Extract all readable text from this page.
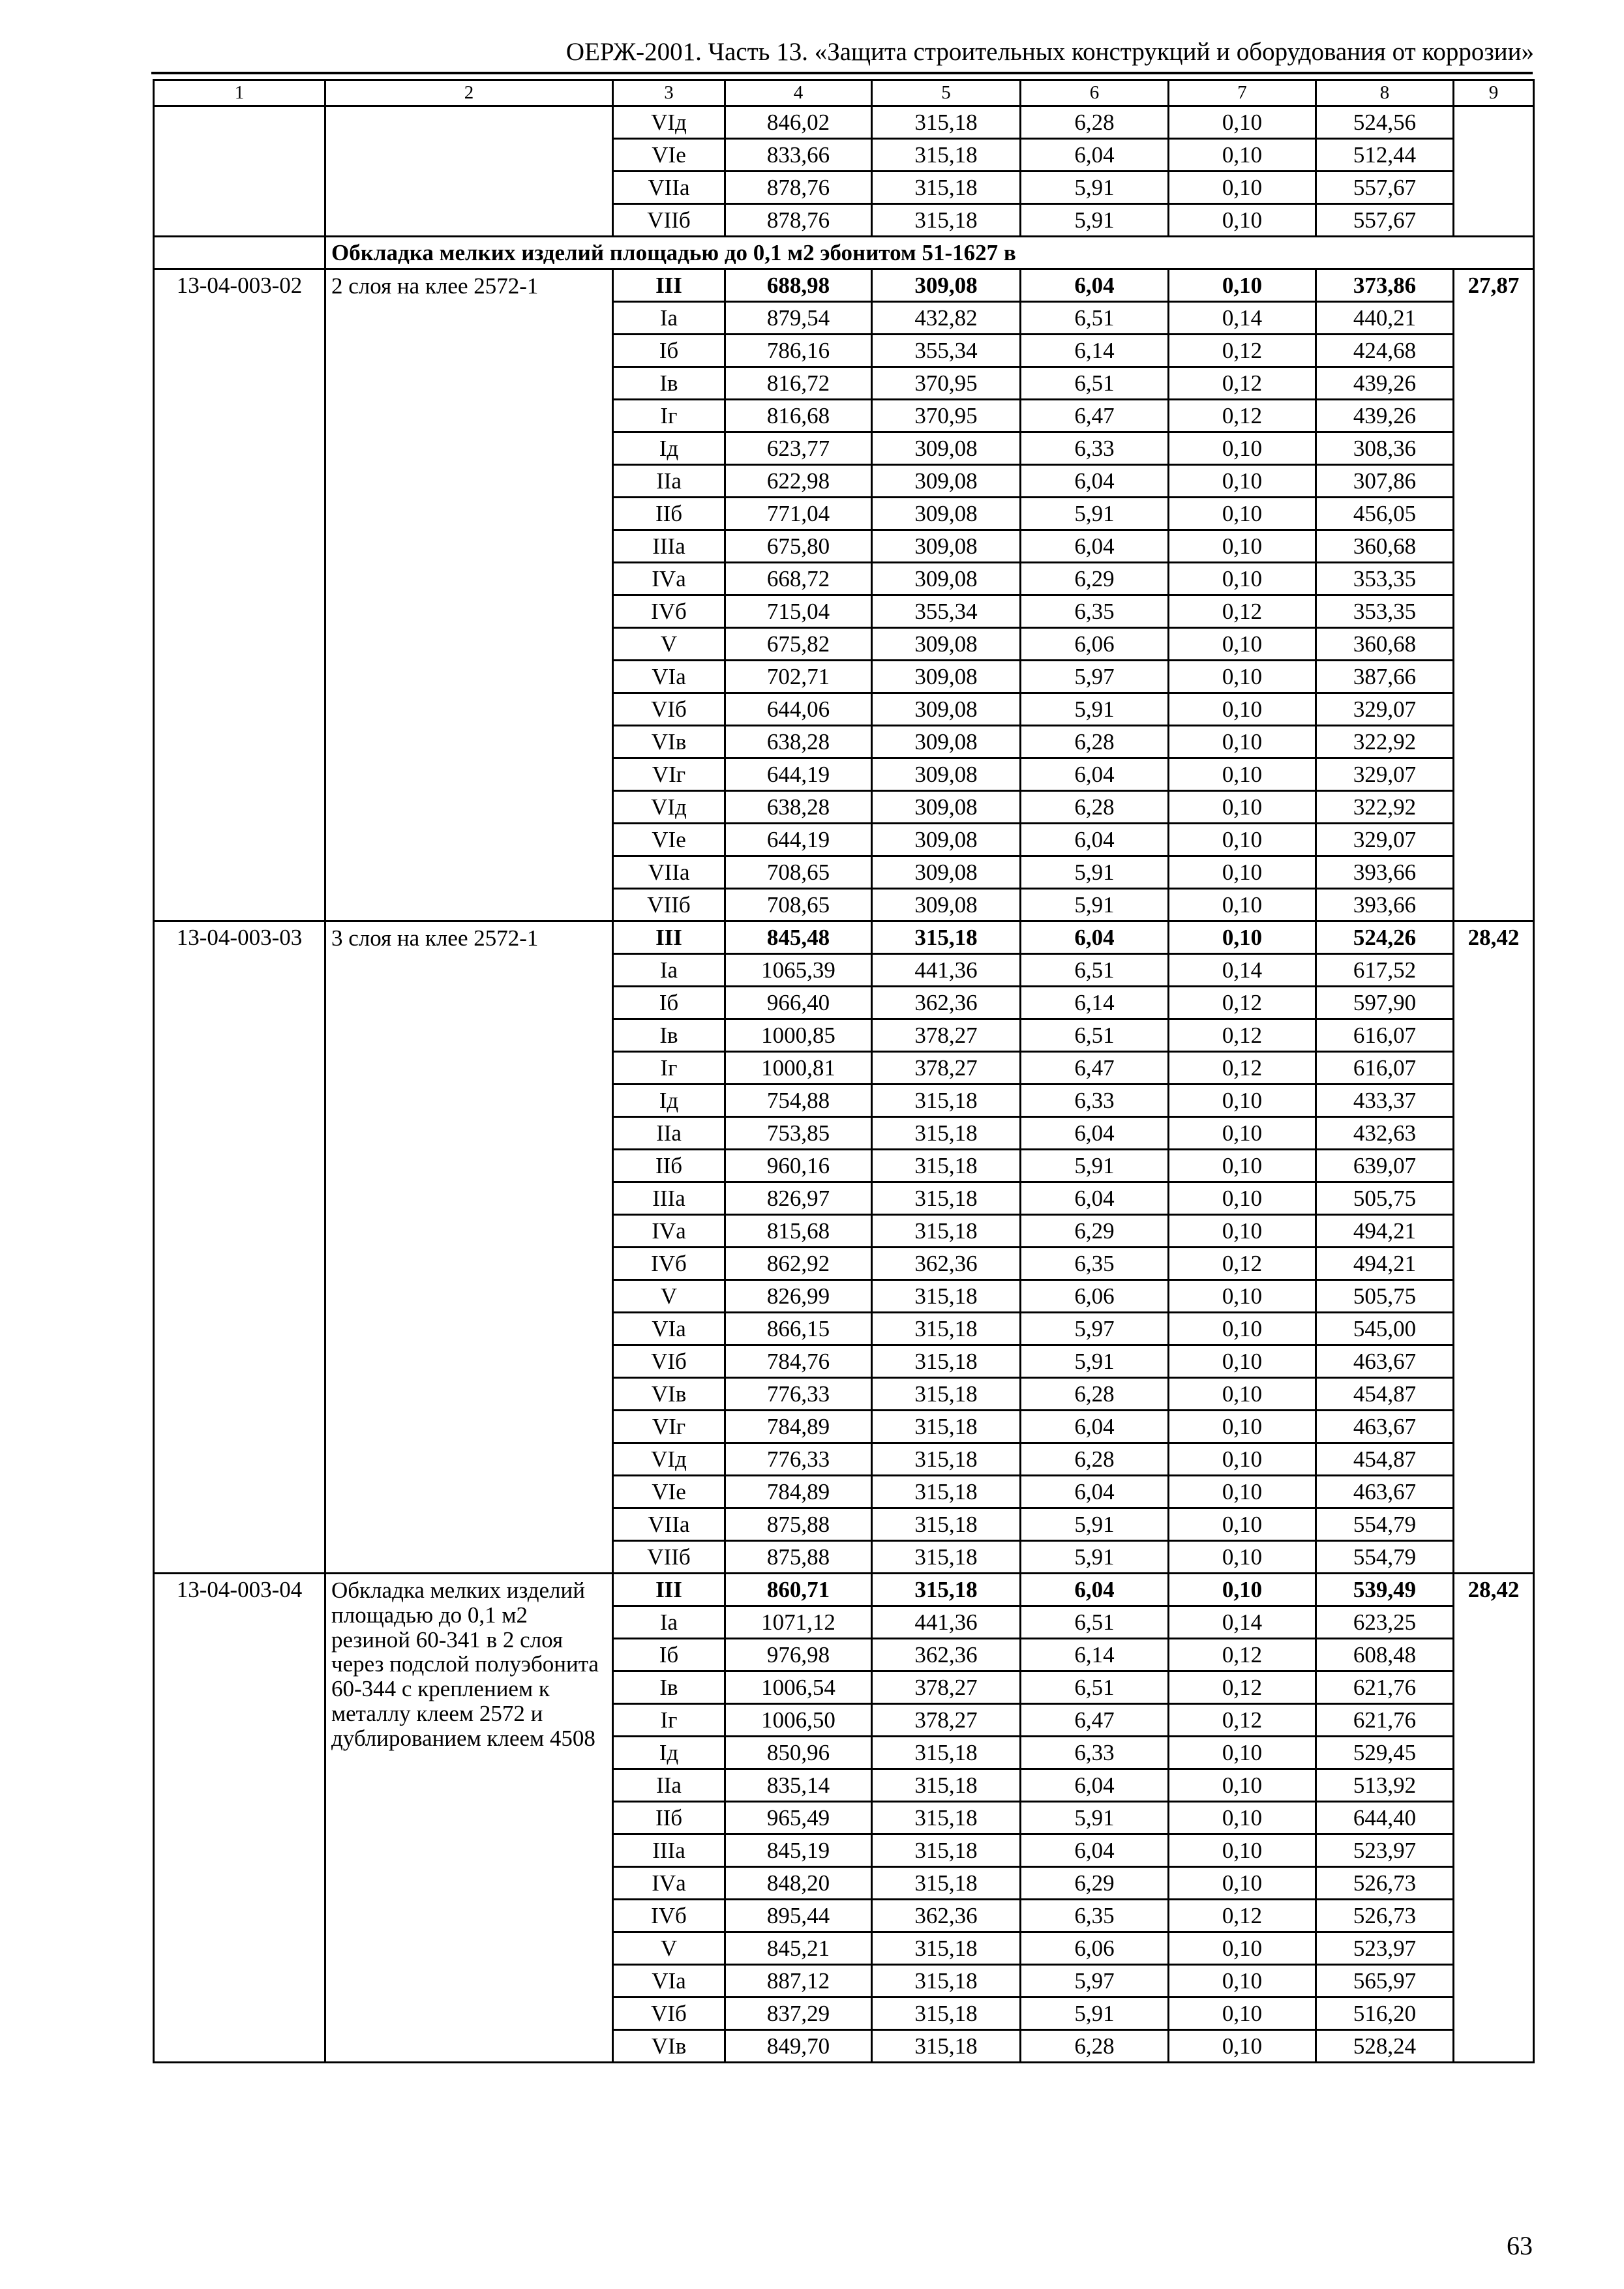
ОЕРЖ-2001. Часть 13. «Защита строительных конструкций и оборудования от коррозии»
1	2	3	4	5	6	7	8	9
		VIд	846,02	315,18	6,28	0,10	524,56	
		VIе	833,66	315,18	6,04	0,10	512,44	
		VIIа	878,76	315,18	5,91	0,10	557,67	
		VIIб	878,76	315,18	5,91	0,10	557,67	
	Обкладка мелких изделий площадью до 0,1 м2 эбонитом 51-1627 в							
13-04-003-02	2 слоя на клее 2572-1	III	688,98	309,08	6,04	0,10	373,86	27,87
		Iа	879,54	432,82	6,51	0,14	440,21	
		Iб	786,16	355,34	6,14	0,12	424,68	
		Iв	816,72	370,95	6,51	0,12	439,26	
		Iг	816,68	370,95	6,47	0,12	439,26	
		Iд	623,77	309,08	6,33	0,10	308,36	
		IIа	622,98	309,08	6,04	0,10	307,86	
		IIб	771,04	309,08	5,91	0,10	456,05	
		IIIа	675,80	309,08	6,04	0,10	360,68	
		IVа	668,72	309,08	6,29	0,10	353,35	
		IVб	715,04	355,34	6,35	0,12	353,35	
		V	675,82	309,08	6,06	0,10	360,68	
		VIа	702,71	309,08	5,97	0,10	387,66	
		VIб	644,06	309,08	5,91	0,10	329,07	
		VIв	638,28	309,08	6,28	0,10	322,92	
		VIг	644,19	309,08	6,04	0,10	329,07	
		VIд	638,28	309,08	6,28	0,10	322,92	
		VIе	644,19	309,08	6,04	0,10	329,07	
		VIIа	708,65	309,08	5,91	0,10	393,66	
		VIIб	708,65	309,08	5,91	0,10	393,66	
13-04-003-03	3 слоя на клее 2572-1	III	845,48	315,18	6,04	0,10	524,26	28,42
		Iа	1065,39	441,36	6,51	0,14	617,52	
		Iб	966,40	362,36	6,14	0,12	597,90	
		Iв	1000,85	378,27	6,51	0,12	616,07	
		Iг	1000,81	378,27	6,47	0,12	616,07	
		Iд	754,88	315,18	6,33	0,10	433,37	
		IIа	753,85	315,18	6,04	0,10	432,63	
		IIб	960,16	315,18	5,91	0,10	639,07	
		IIIа	826,97	315,18	6,04	0,10	505,75	
		IVа	815,68	315,18	6,29	0,10	494,21	
		IVб	862,92	362,36	6,35	0,12	494,21	
		V	826,99	315,18	6,06	0,10	505,75	
		VIа	866,15	315,18	5,97	0,10	545,00	
		VIб	784,76	315,18	5,91	0,10	463,67	
		VIв	776,33	315,18	6,28	0,10	454,87	
		VIг	784,89	315,18	6,04	0,10	463,67	
		VIд	776,33	315,18	6,28	0,10	454,87	
		VIе	784,89	315,18	6,04	0,10	463,67	
		VIIа	875,88	315,18	5,91	0,10	554,79	
		VIIб	875,88	315,18	5,91	0,10	554,79	
13-04-003-04	Обкладка мелких изделий площадью до 0,1 м2 резиной 60-341 в 2 слоя через подслой полуэбонита 60-344 с креплением к металлу клеем 2572 и дублированием клеем 4508	III	860,71	315,18	6,04	0,10	539,49	28,42
		Iа	1071,12	441,36	6,51	0,14	623,25	
		Iб	976,98	362,36	6,14	0,12	608,48	
		Iв	1006,54	378,27	6,51	0,12	621,76	
		Iг	1006,50	378,27	6,47	0,12	621,76	
		Iд	850,96	315,18	6,33	0,10	529,45	
		IIа	835,14	315,18	6,04	0,10	513,92	
		IIб	965,49	315,18	5,91	0,10	644,40	
		IIIа	845,19	315,18	6,04	0,10	523,97	
		IVа	848,20	315,18	6,29	0,10	526,73	
		IVб	895,44	362,36	6,35	0,12	526,73	
		V	845,21	315,18	6,06	0,10	523,97	
		VIа	887,12	315,18	5,97	0,10	565,97	
		VIб	837,29	315,18	5,91	0,10	516,20	
		VIв	849,70	315,18	6,28	0,10	528,24	
63
